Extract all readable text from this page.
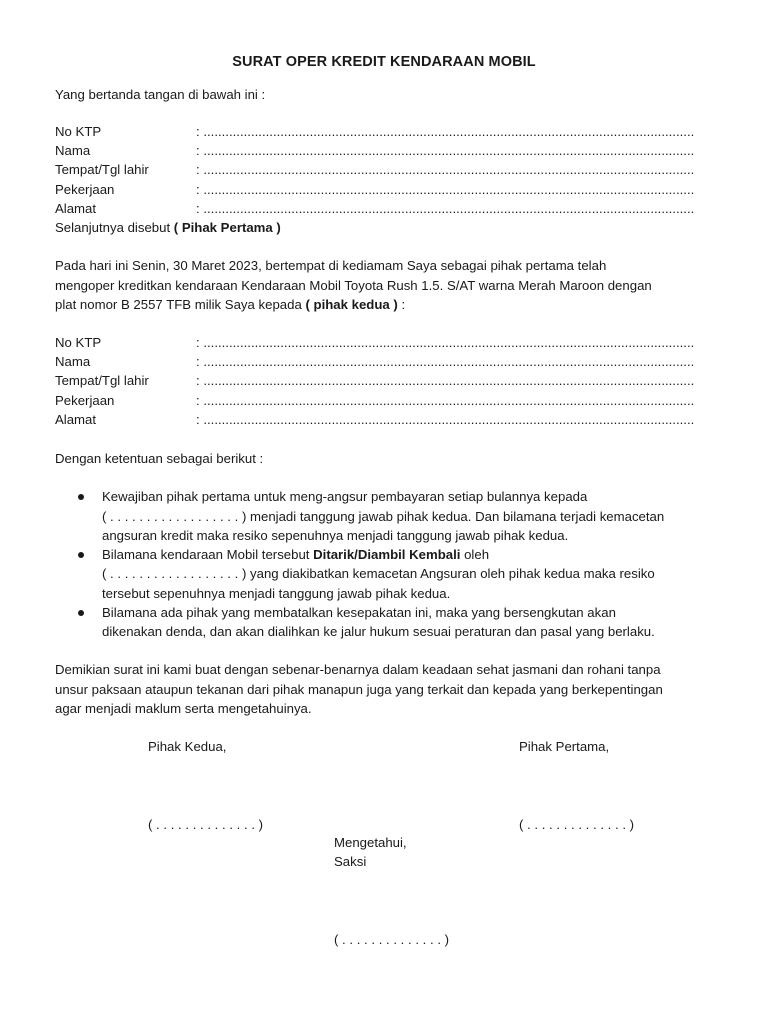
SURAT OPER KREDIT KENDARAAN MOBIL
Yang bertanda tangan di bawah ini :
No KTP	: ......................................................................................................................................
Nama	: ......................................................................................................................................
Tempat/Tgl lahir	: ......................................................................................................................................
Pekerjaan	: ......................................................................................................................................
Alamat	: ......................................................................................................................................
Selanjutnya disebut ( Pihak Pertama )
Pada hari ini Senin, 30 Maret 2023, bertempat di kediamam Saya sebagai pihak pertama telah
mengoper kreditkan kendaraan Kendaraan Mobil Toyota Rush 1.5. S/AT warna Merah Maroon dengan
plat nomor B 2557 TFB milik Saya kepada ( pihak kedua ) :
No KTP	: ......................................................................................................................................
Nama	: ......................................................................................................................................
Tempat/Tgl lahir	: ......................................................................................................................................
Pekerjaan	: ......................................................................................................................................
Alamat	: ......................................................................................................................................
Dengan ketentuan sebagai berikut :
Kewajiban pihak pertama untuk meng-angsur pembayaran setiap bulannya kepada
( . . . . . . . . . . . . . . . . . . ) menjadi tanggung jawab pihak kedua. Dan bilamana terjadi kemacetan
angsuran kredit maka resiko sepenuhnya menjadi tanggung jawab pihak kedua.
Bilamana kendaraan Mobil tersebut Ditarik/Diambil Kembali oleh
( . . . . . . . . . . . . . . . . . . ) yang diakibatkan kemacetan Angsuran oleh pihak kedua maka resiko
tersebut sepenuhnya menjadi tanggung jawab pihak kedua.
Bilamana ada pihak yang membatalkan kesepakatan ini, maka yang bersengkutan akan
dikenakan denda, dan akan dialihkan ke jalur hukum sesuai peraturan dan pasal yang berlaku.
Demikian surat ini kami buat dengan sebenar-benarnya dalam keadaan sehat jasmani dan rohani tanpa
unsur paksaan ataupun tekanan dari pihak manapun juga yang terkait dan kepada yang berkepentingan
agar menjadi maklum serta mengetahuinya.
Pihak Kedua,	Pihak Pertama,
( . . . . . . . . . . . . . . )	( . . . . . . . . . . . . . . )
Mengetahui,
Saksi
( . . . . . . . . . . . . . . )
